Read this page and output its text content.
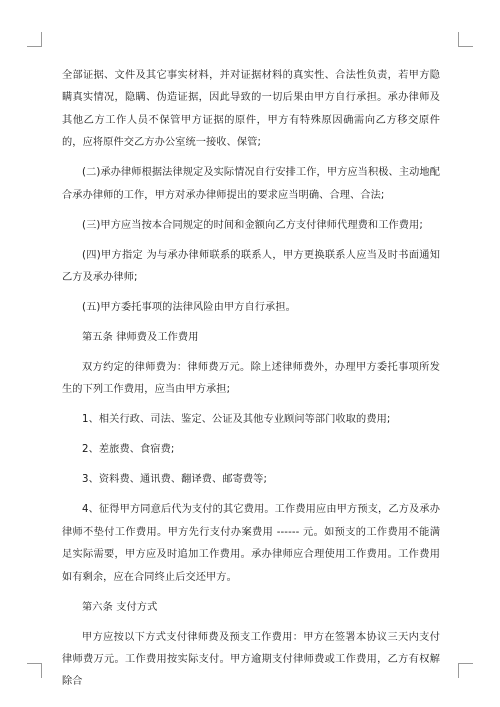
全部证据、文件及其它事实材料，并对证据材料的真实性、合法性负责，若甲方隐瞒真实情况，隐瞒、伪造证据，因此导致的一切后果由甲方自行承担。承办律师及其他乙方工作人员不保管甲方证据的原件，甲方有特殊原因确需向乙方移交原件的，应将原件交乙方办公室统一接收、保管;

(二)承办律师根据法律规定及实际情况自行安排工作，甲方应当积极、主动地配合承办律师的工作，甲方对承办律师提出的要求应当明确、合理、合法;

(三)甲方应当按本合同规定的时间和金额向乙方支付律师代理费和工作费用;

(四)甲方指定 为与承办律师联系的联系人，甲方更换联系人应当及时书面通知乙方及承办律师;

(五)甲方委托事项的法律风险由甲方自行承担。

第五条 律师费及工作费用

双方约定的律师费为：律师费万元。除上述律师费外，办理甲方委托事项所发生的下列工作费用，应当由甲方承担;

1、相关行政、司法、鉴定、公证及其他专业顾问等部门收取的费用;

2、差旅费、食宿费;

3、资料费、通讯费、翻译费、邮寄费等;

4、征得甲方同意后代为支付的其它费用。工作费用应由甲方预支，乙方及承办律师不垫付工作费用。甲方先行支付办案费用 ------ 元。如预支的工作费用不能满足实际需要，甲方应及时追加工作费用。承办律师应合理使用工作费用。工作费用如有剩余，应在合同终止后交还甲方。

第六条 支付方式

甲方应按以下方式支付律师费及预支工作费用：甲方在签署本协议三天内支付律师费万元。工作费用按实际支付。甲方逾期支付律师费或工作费用，乙方有权解除合
